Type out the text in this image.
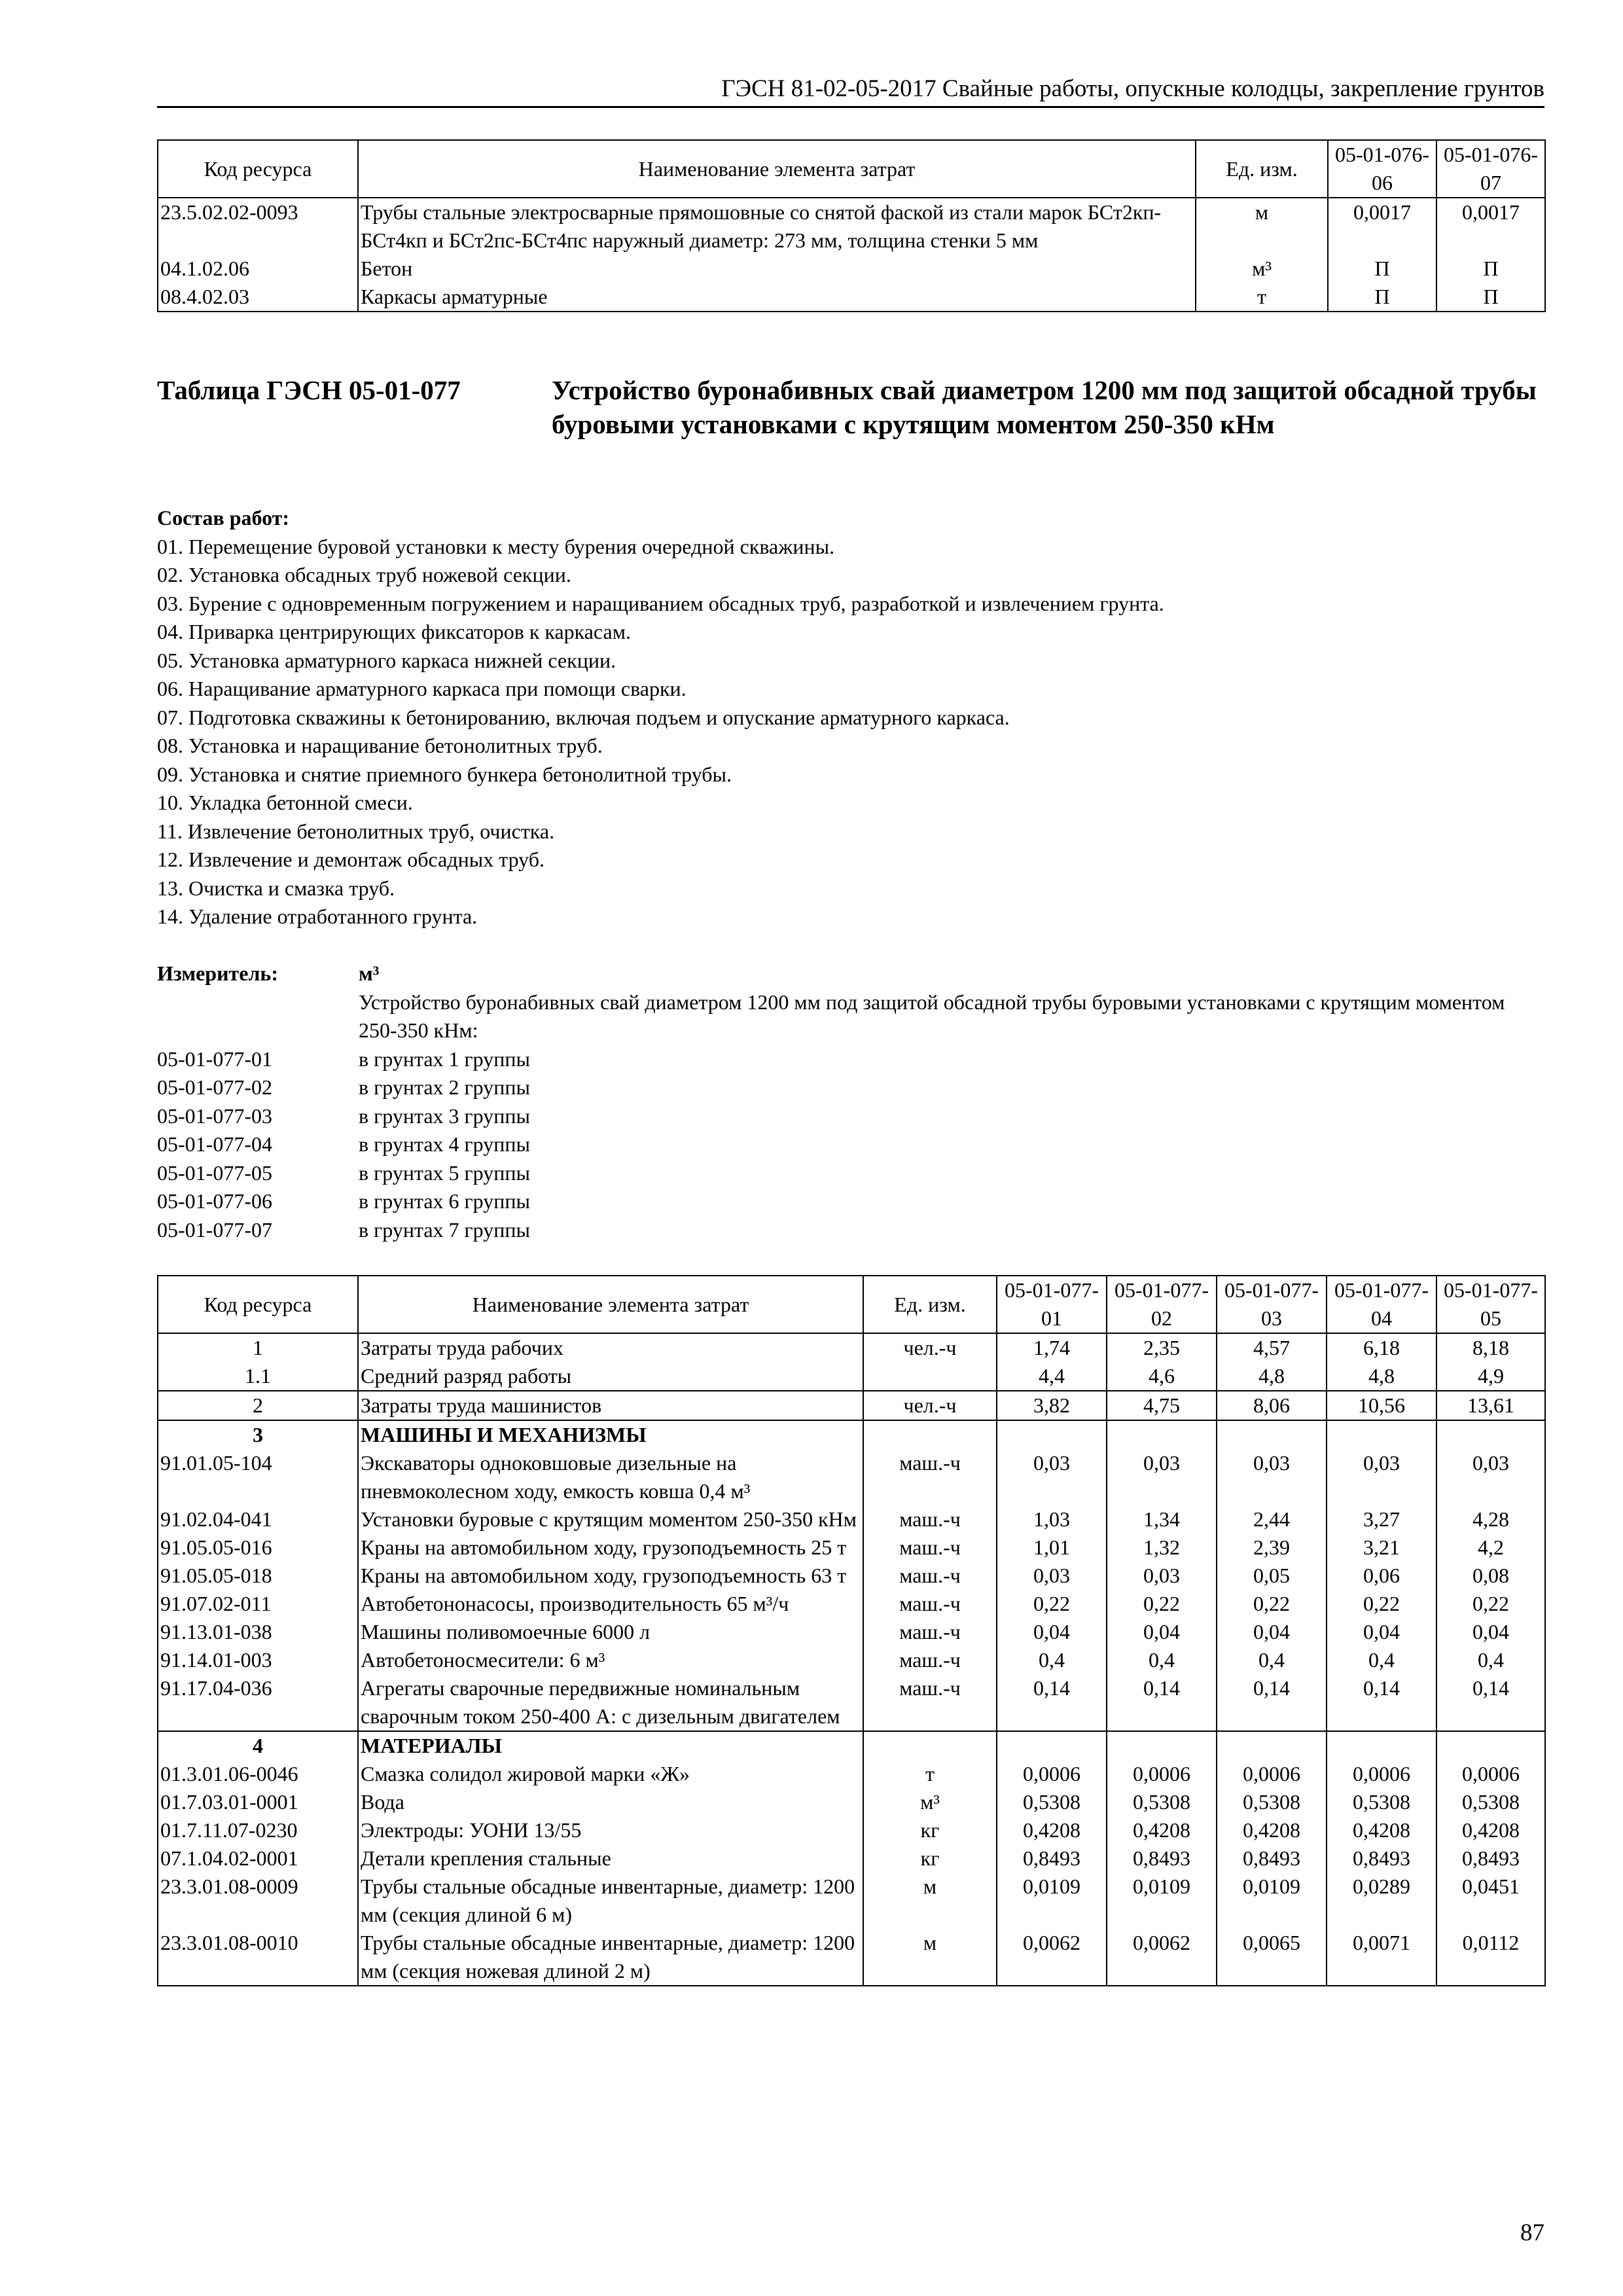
ГЭСН 81-02-05-2017 Свайные работы, опускные колодцы, закрепление грунтов
Код ресурса	Наименование элемента затрат	Ед. изм.	05-01-076-06	05-01-076-07
23.5.02.02-0093	Трубы стальные электросварные прямошовные со снятой фаской из стали марок БСт2кп-БСт4кп и БСт2пс-БСт4пс наружный диаметр: 273 мм, толщина стенки 5 мм	м	0,0017	0,0017
04.1.02.06	Бетон	м³	П	П
08.4.02.03	Каркасы арматурные	т	П	П
Таблица ГЭСН 05-01-077	Устройство буронабивных свай диаметром 1200 мм под защитой обсадной трубы буровыми установками с крутящим моментом 250-350 кНм
Состав работ:
01. Перемещение буровой установки к месту бурения очередной скважины.
02. Установка обсадных труб ножевой секции.
03. Бурение с одновременным погружением и наращиванием обсадных труб, разработкой и извлечением грунта.
04. Приварка центрирующих фиксаторов к каркасам.
05. Установка арматурного каркаса нижней секции.
06. Наращивание арматурного каркаса при помощи сварки.
07. Подготовка скважины к бетонированию, включая подъем и опускание арматурного каркаса.
08. Установка и наращивание бетонолитных труб.
09. Установка и снятие приемного бункера бетонолитной трубы.
10. Укладка бетонной смеси.
11. Извлечение бетонолитных труб, очистка.
12. Извлечение и демонтаж обсадных труб.
13. Очистка и смазка труб.
14. Удаление отработанного грунта.
Измеритель:	м³
Устройство буронабивных свай диаметром 1200 мм под защитой обсадной трубы буровыми установками с крутящим моментом 250-350 кНм:
05-01-077-01	в грунтах 1 группы
05-01-077-02	в грунтах 2 группы
05-01-077-03	в грунтах 3 группы
05-01-077-04	в грунтах 4 группы
05-01-077-05	в грунтах 5 группы
05-01-077-06	в грунтах 6 группы
05-01-077-07	в грунтах 7 группы
Код ресурса	Наименование элемента затрат	Ед. изм.	05-01-077-01	05-01-077-02	05-01-077-03	05-01-077-04	05-01-077-05
1	Затраты труда рабочих	чел.-ч	1,74	2,35	4,57	6,18	8,18
1.1	Средний разряд работы		4,4	4,6	4,8	4,8	4,9
2	Затраты труда машинистов	чел.-ч	3,82	4,75	8,06	10,56	13,61
3	МАШИНЫ И МЕХАНИЗМЫ						
91.01.05-104	Экскаваторы одноковшовые дизельные на пневмоколесном ходу, емкость ковша 0,4 м³	маш.-ч	0,03	0,03	0,03	0,03	0,03
91.02.04-041	Установки буровые с крутящим моментом 250-350 кНм	маш.-ч	1,03	1,34	2,44	3,27	4,28
91.05.05-016	Краны на автомобильном ходу, грузоподъемность 25 т	маш.-ч	1,01	1,32	2,39	3,21	4,2
91.05.05-018	Краны на автомобильном ходу, грузоподъемность 63 т	маш.-ч	0,03	0,03	0,05	0,06	0,08
91.07.02-011	Автобетононасосы, производительность 65 м³/ч	маш.-ч	0,22	0,22	0,22	0,22	0,22
91.13.01-038	Машины поливомоечные 6000 л	маш.-ч	0,04	0,04	0,04	0,04	0,04
91.14.01-003	Автобетоносмесители: 6 м³	маш.-ч	0,4	0,4	0,4	0,4	0,4
91.17.04-036	Агрегаты сварочные передвижные номинальным сварочным током 250-400 А: с дизельным двигателем	маш.-ч	0,14	0,14	0,14	0,14	0,14
4	МАТЕРИАЛЫ						
01.3.01.06-0046	Смазка солидол жировой марки «Ж»	т	0,0006	0,0006	0,0006	0,0006	0,0006
01.7.03.01-0001	Вода	м³	0,5308	0,5308	0,5308	0,5308	0,5308
01.7.11.07-0230	Электроды: УОНИ 13/55	кг	0,4208	0,4208	0,4208	0,4208	0,4208
07.1.04.02-0001	Детали крепления стальные	кг	0,8493	0,8493	0,8493	0,8493	0,8493
23.3.01.08-0009	Трубы стальные обсадные инвентарные, диаметр: 1200 мм (секция длиной 6 м)	м	0,0109	0,0109	0,0109	0,0289	0,0451
23.3.01.08-0010	Трубы стальные обсадные инвентарные, диаметр: 1200 мм (секция ножевая длиной 2 м)	м	0,0062	0,0062	0,0065	0,0071	0,0112
87
